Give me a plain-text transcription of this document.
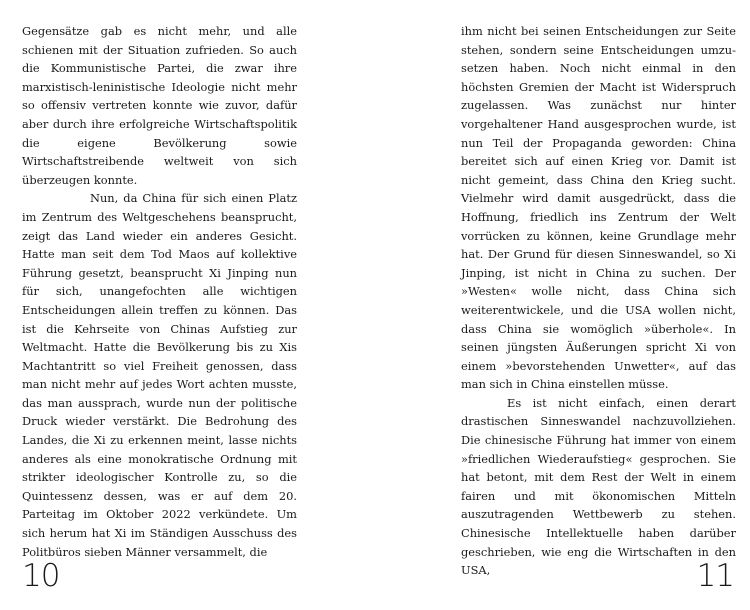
Gegensätze gab es nicht mehr, und alle schienen mit der Situation zufrieden. So auch die Kommunistische Partei, die zwar ihre marxistisch-leninistische Ideologie nicht mehr so offensiv vertreten konnte wie zuvor, dafür aber durch ihre erfolgreiche Wirtschaftspolitik die eigene Bevölkerung sowie Wirtschaftstreibende weltweit von sich überzeugen konnte.

Nun, da China für sich einen Platz im Zentrum des Weltgeschehens beansprucht, zeigt das Land wieder ein anderes Gesicht. Hatte man seit dem Tod Maos auf kollektive Führung gesetzt, beansprucht Xi Jinping nun für sich, unangefochten alle wichtigen Entscheidungen allein treffen zu können. Das ist die Kehrseite von Chinas Aufstieg zur Weltmacht. Hatte die Bevölkerung bis zu Xis Machtantritt so viel Freiheit genossen, dass man nicht mehr auf jedes Wort achten musste, das man aussprach, wurde nun der politische Druck wieder verstärkt. Die Bedrohung des Landes, die Xi zu erkennen meint, lasse nichts anderes als eine monokratische Ordnung mit strikter ideologischer Kontrolle zu, so die Quintessenz dessen, was er auf dem 20. Parteitag im Oktober 2022 verkündete. Um sich herum hat Xi im Ständigen Ausschuss des Politbüros sieben Männer versammelt, die

10

ihm nicht bei seinen Entscheidungen zur Seite stehen, sondern seine Entscheidungen umzusetzen haben. Noch nicht einmal in den höchsten Gremien der Macht ist Widerspruch zugelassen. Was zunächst nur hinter vorgehaltener Hand ausgesprochen wurde, ist nun Teil der Propaganda geworden: China bereitet sich auf einen Krieg vor. Damit ist nicht gemeint, dass China den Krieg sucht. Vielmehr wird damit ausgedrückt, dass die Hoffnung, friedlich ins Zentrum der Welt vorrücken zu können, keine Grundlage mehr hat. Der Grund für diesen Sinneswandel, so Xi Jinping, ist nicht in China zu suchen. Der »Westen« wolle nicht, dass China sich weiterentwickele, und die USA wollen nicht, dass China sie womöglich »überhole«. In seinen jüngsten Äußerungen spricht Xi von einem »bevorstehenden Unwetter«, auf das man sich in China einstellen müsse.

Es ist nicht einfach, einen derart drastischen Sinneswandel nachzuvollziehen. Die chinesische Führung hat immer von einem »friedlichen Wiederaufstieg« gesprochen. Sie hat betont, mit dem Rest der Welt in einem fairen und mit ökonomischen Mitteln auszutragenden Wettbewerb zu stehen. Chinesische Intellektuelle haben darüber geschrieben, wie eng die Wirtschaften in den USA,	11
